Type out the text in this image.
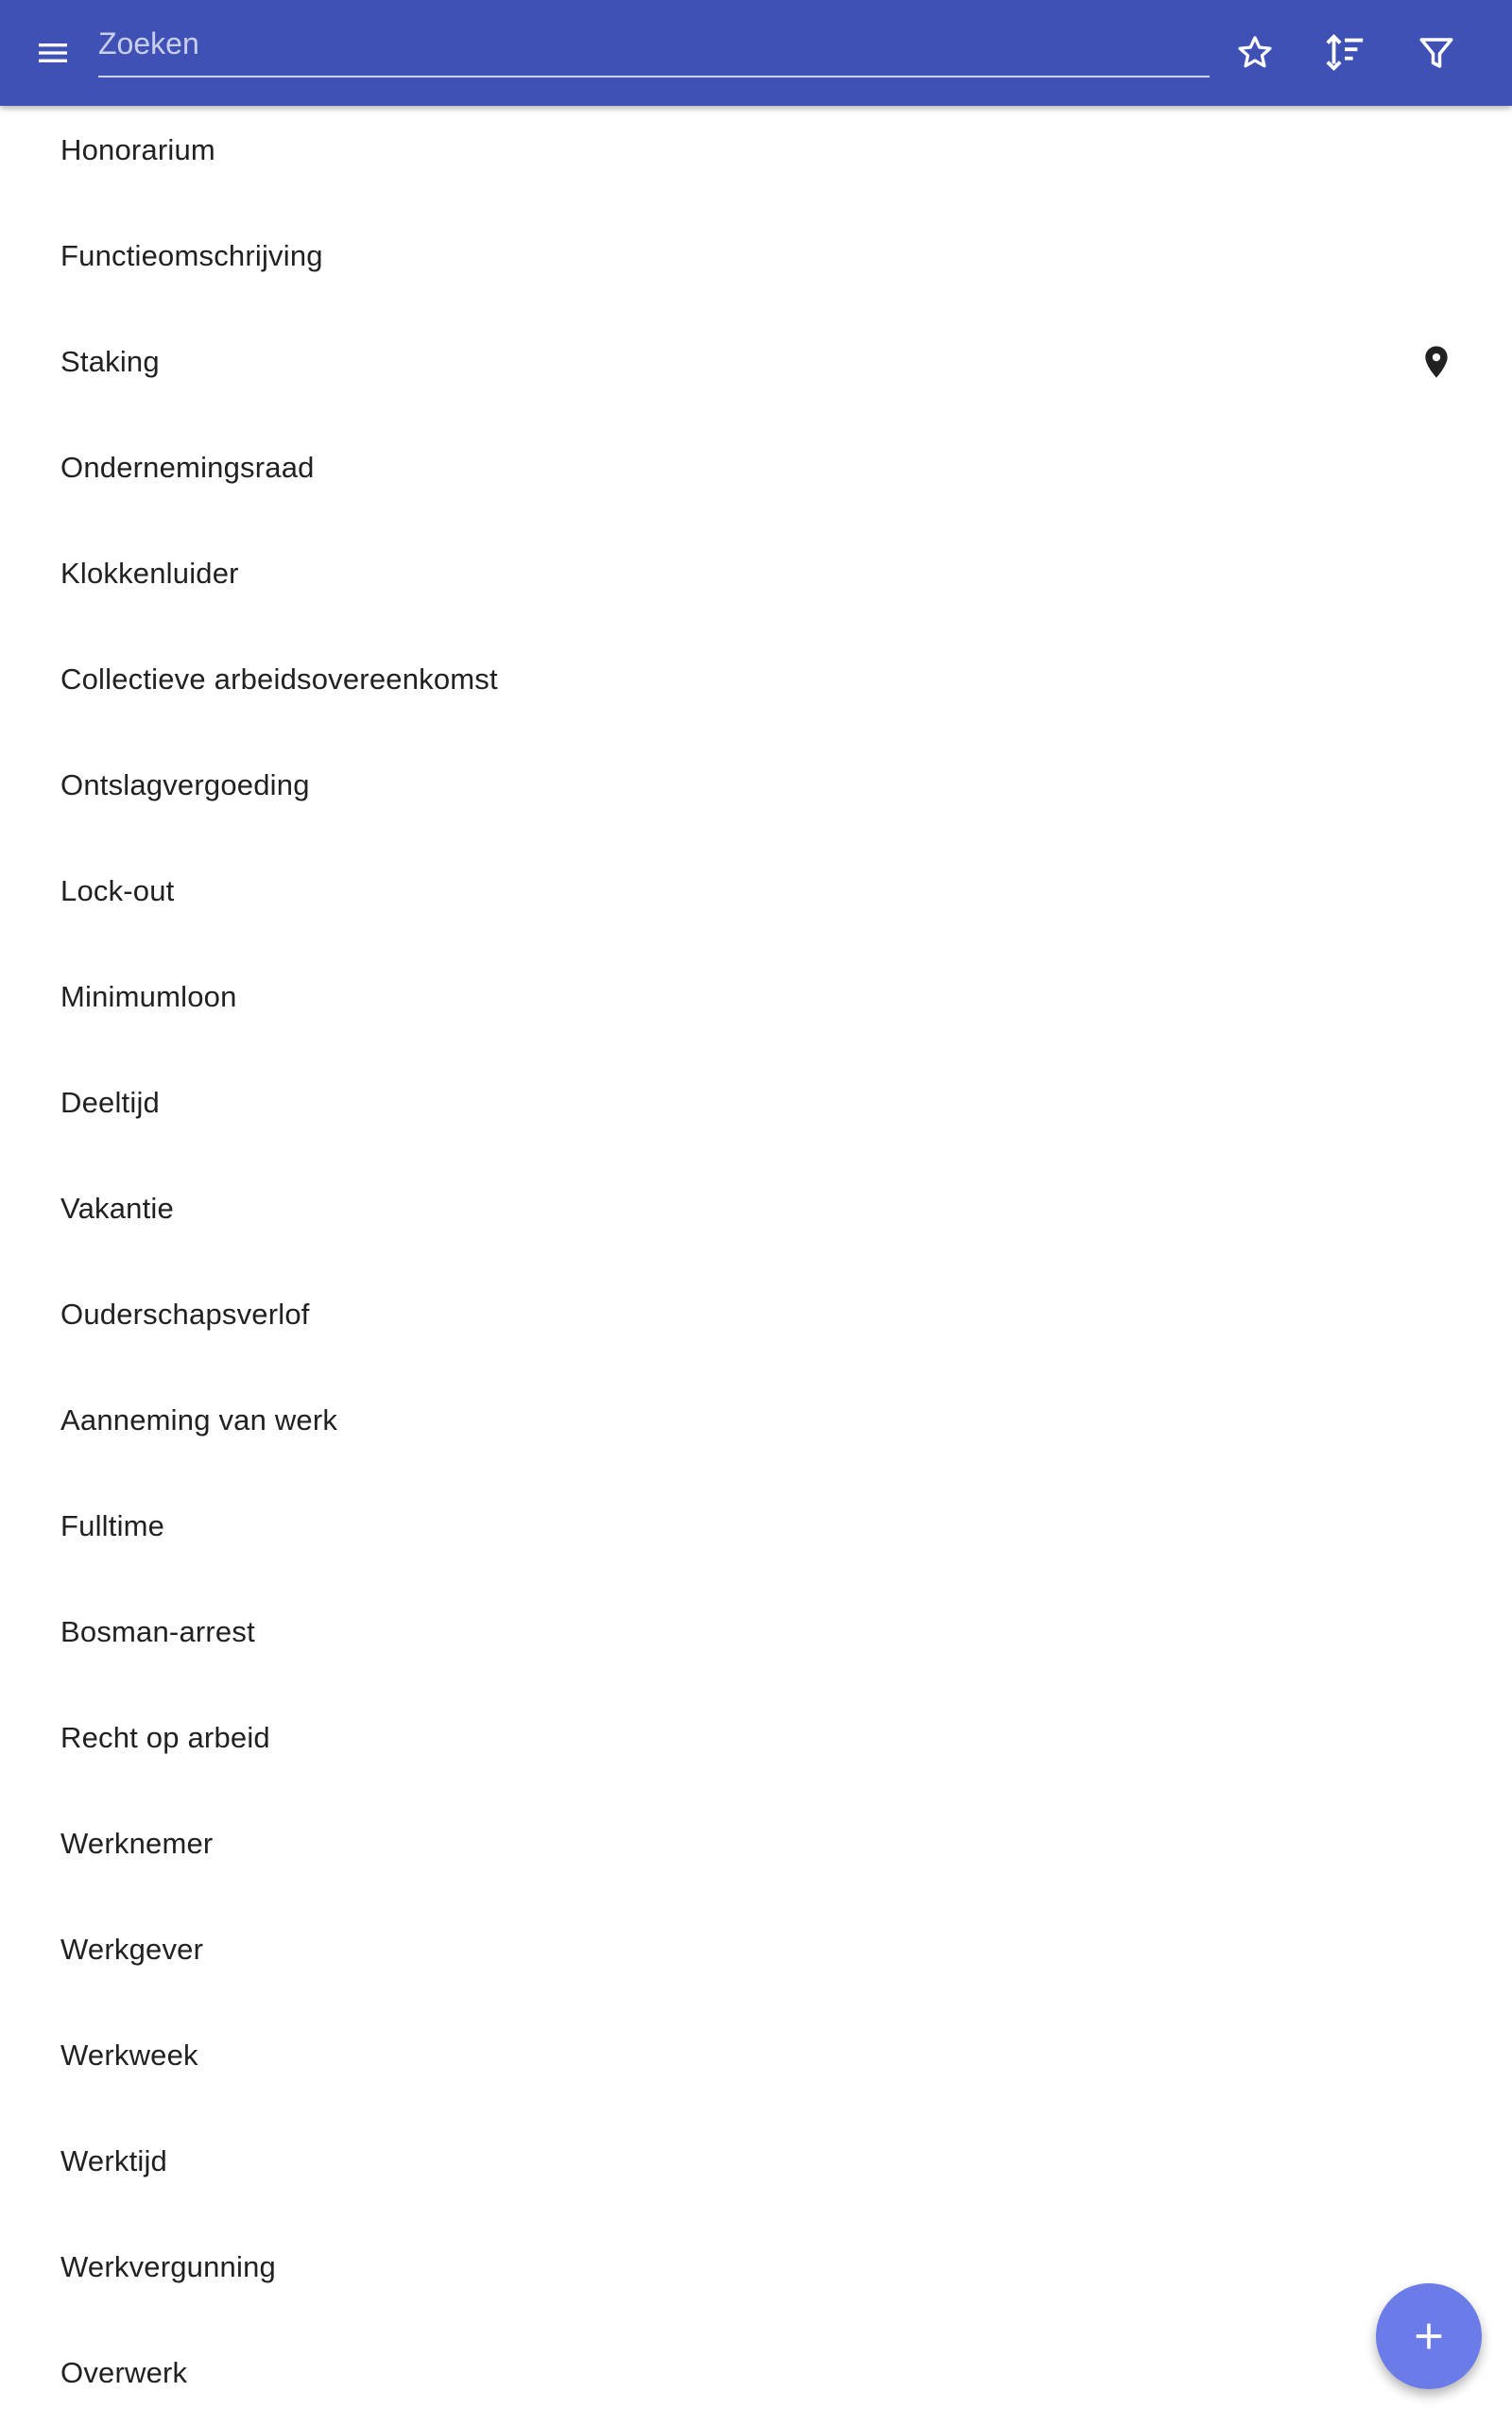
Zoeken
Honorarium
Functieomschrijving
Staking
Ondernemingsraad
Klokkenluider
Collectieve arbeidsovereenkomst
Ontslagvergoeding
Lock-out
Minimumloon
Deeltijd
Vakantie
Ouderschapsverlof
Aanneming van werk
Fulltime
Bosman-arrest
Recht op arbeid
Werknemer
Werkgever
Werkweek
Werktijd
Werkvergunning
Overwerk
